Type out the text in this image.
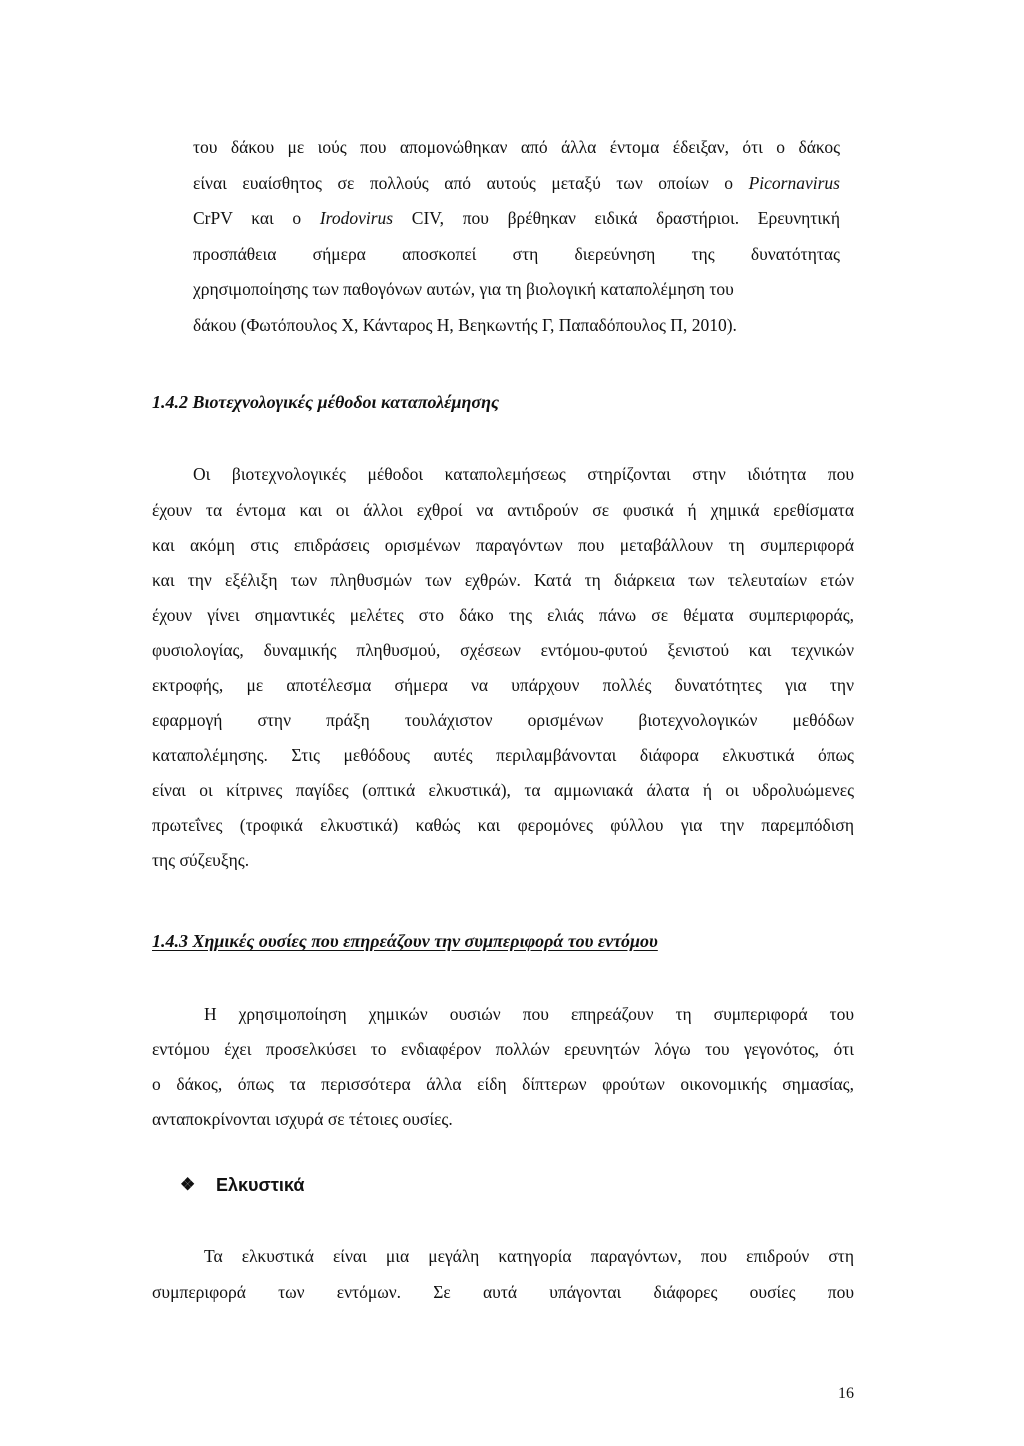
του δάκου με ιούς που απομονώθηκαν από άλλα έντομα έδειξαν, ότι ο δάκος
είναι ευαίσθητος σε πολλούς από αυτούς μεταξύ των οποίων ο Picornavirus
CrPV και ο Irodovirus CIV, που βρέθηκαν ειδικά δραστήριοι. Ερευνητική
προσπάθεια σήμερα αποσκοπεί στη διερεύνηση της δυνατότητας
χρησιμοποίησης των παθογόνων αυτών, για τη βιολογική καταπολέμηση του
δάκου (Φωτόπουλος Χ, Κάνταρος Η, Βεηκωντής Γ, Παπαδόπουλος Π, 2010).
1.4.2 Βιοτεχνολογικές μέθοδοι καταπολέμησης
Οι βιοτεχνολογικές μέθοδοι καταπολεμήσεως στηρίζονται στην ιδιότητα που
έχουν τα έντομα και οι άλλοι εχθροί να αντιδρούν σε φυσικά ή χημικά ερεθίσματα
και ακόμη στις επιδράσεις ορισμένων παραγόντων που μεταβάλλουν τη συμπεριφορά
και την εξέλιξη των πληθυσμών των εχθρών. Κατά τη διάρκεια των τελευταίων ετών
έχουν γίνει σημαντικές μελέτες στο δάκο της ελιάς πάνω σε θέματα συμπεριφοράς,
φυσιολογίας, δυναμικής πληθυσμού, σχέσεων εντόμου-φυτού ξενιστού και τεχνικών
εκτροφής, με αποτέλεσμα σήμερα να υπάρχουν πολλές δυνατότητες για την
εφαρμογή στην πράξη τουλάχιστον ορισμένων βιοτεχνολογικών μεθόδων
καταπολέμησης. Στις μεθόδους αυτές περιλαμβάνονται διάφορα ελκυστικά όπως
είναι οι κίτρινες παγίδες (οπτικά ελκυστικά), τα αμμωνιακά άλατα ή οι υδρολυώμενες
πρωτεΐνες (τροφικά ελκυστικά) καθώς και φερομόνες φύλλου για την παρεμπόδιση
της σύζευξης.
1.4.3 Χημικές ουσίες που επηρεάζουν την συμπεριφορά του εντόμου
Η χρησιμοποίηση χημικών ουσιών που επηρεάζουν τη συμπεριφορά του
εντόμου έχει προσελκύσει το ενδιαφέρον πολλών ερευνητών λόγω του γεγονότος, ότι
ο δάκος, όπως τα περισσότερα άλλα είδη δίπτερων φρούτων οικονομικής σημασίας,
ανταποκρίνονται ισχυρά σε τέτοιες ουσίες.
❖ Ελκυστικά
Τα ελκυστικά είναι μια μεγάλη κατηγορία παραγόντων, που επιδρούν στη
συμπεριφορά των εντόμων. Σε αυτά υπάγονται διάφορες ουσίες που
16
